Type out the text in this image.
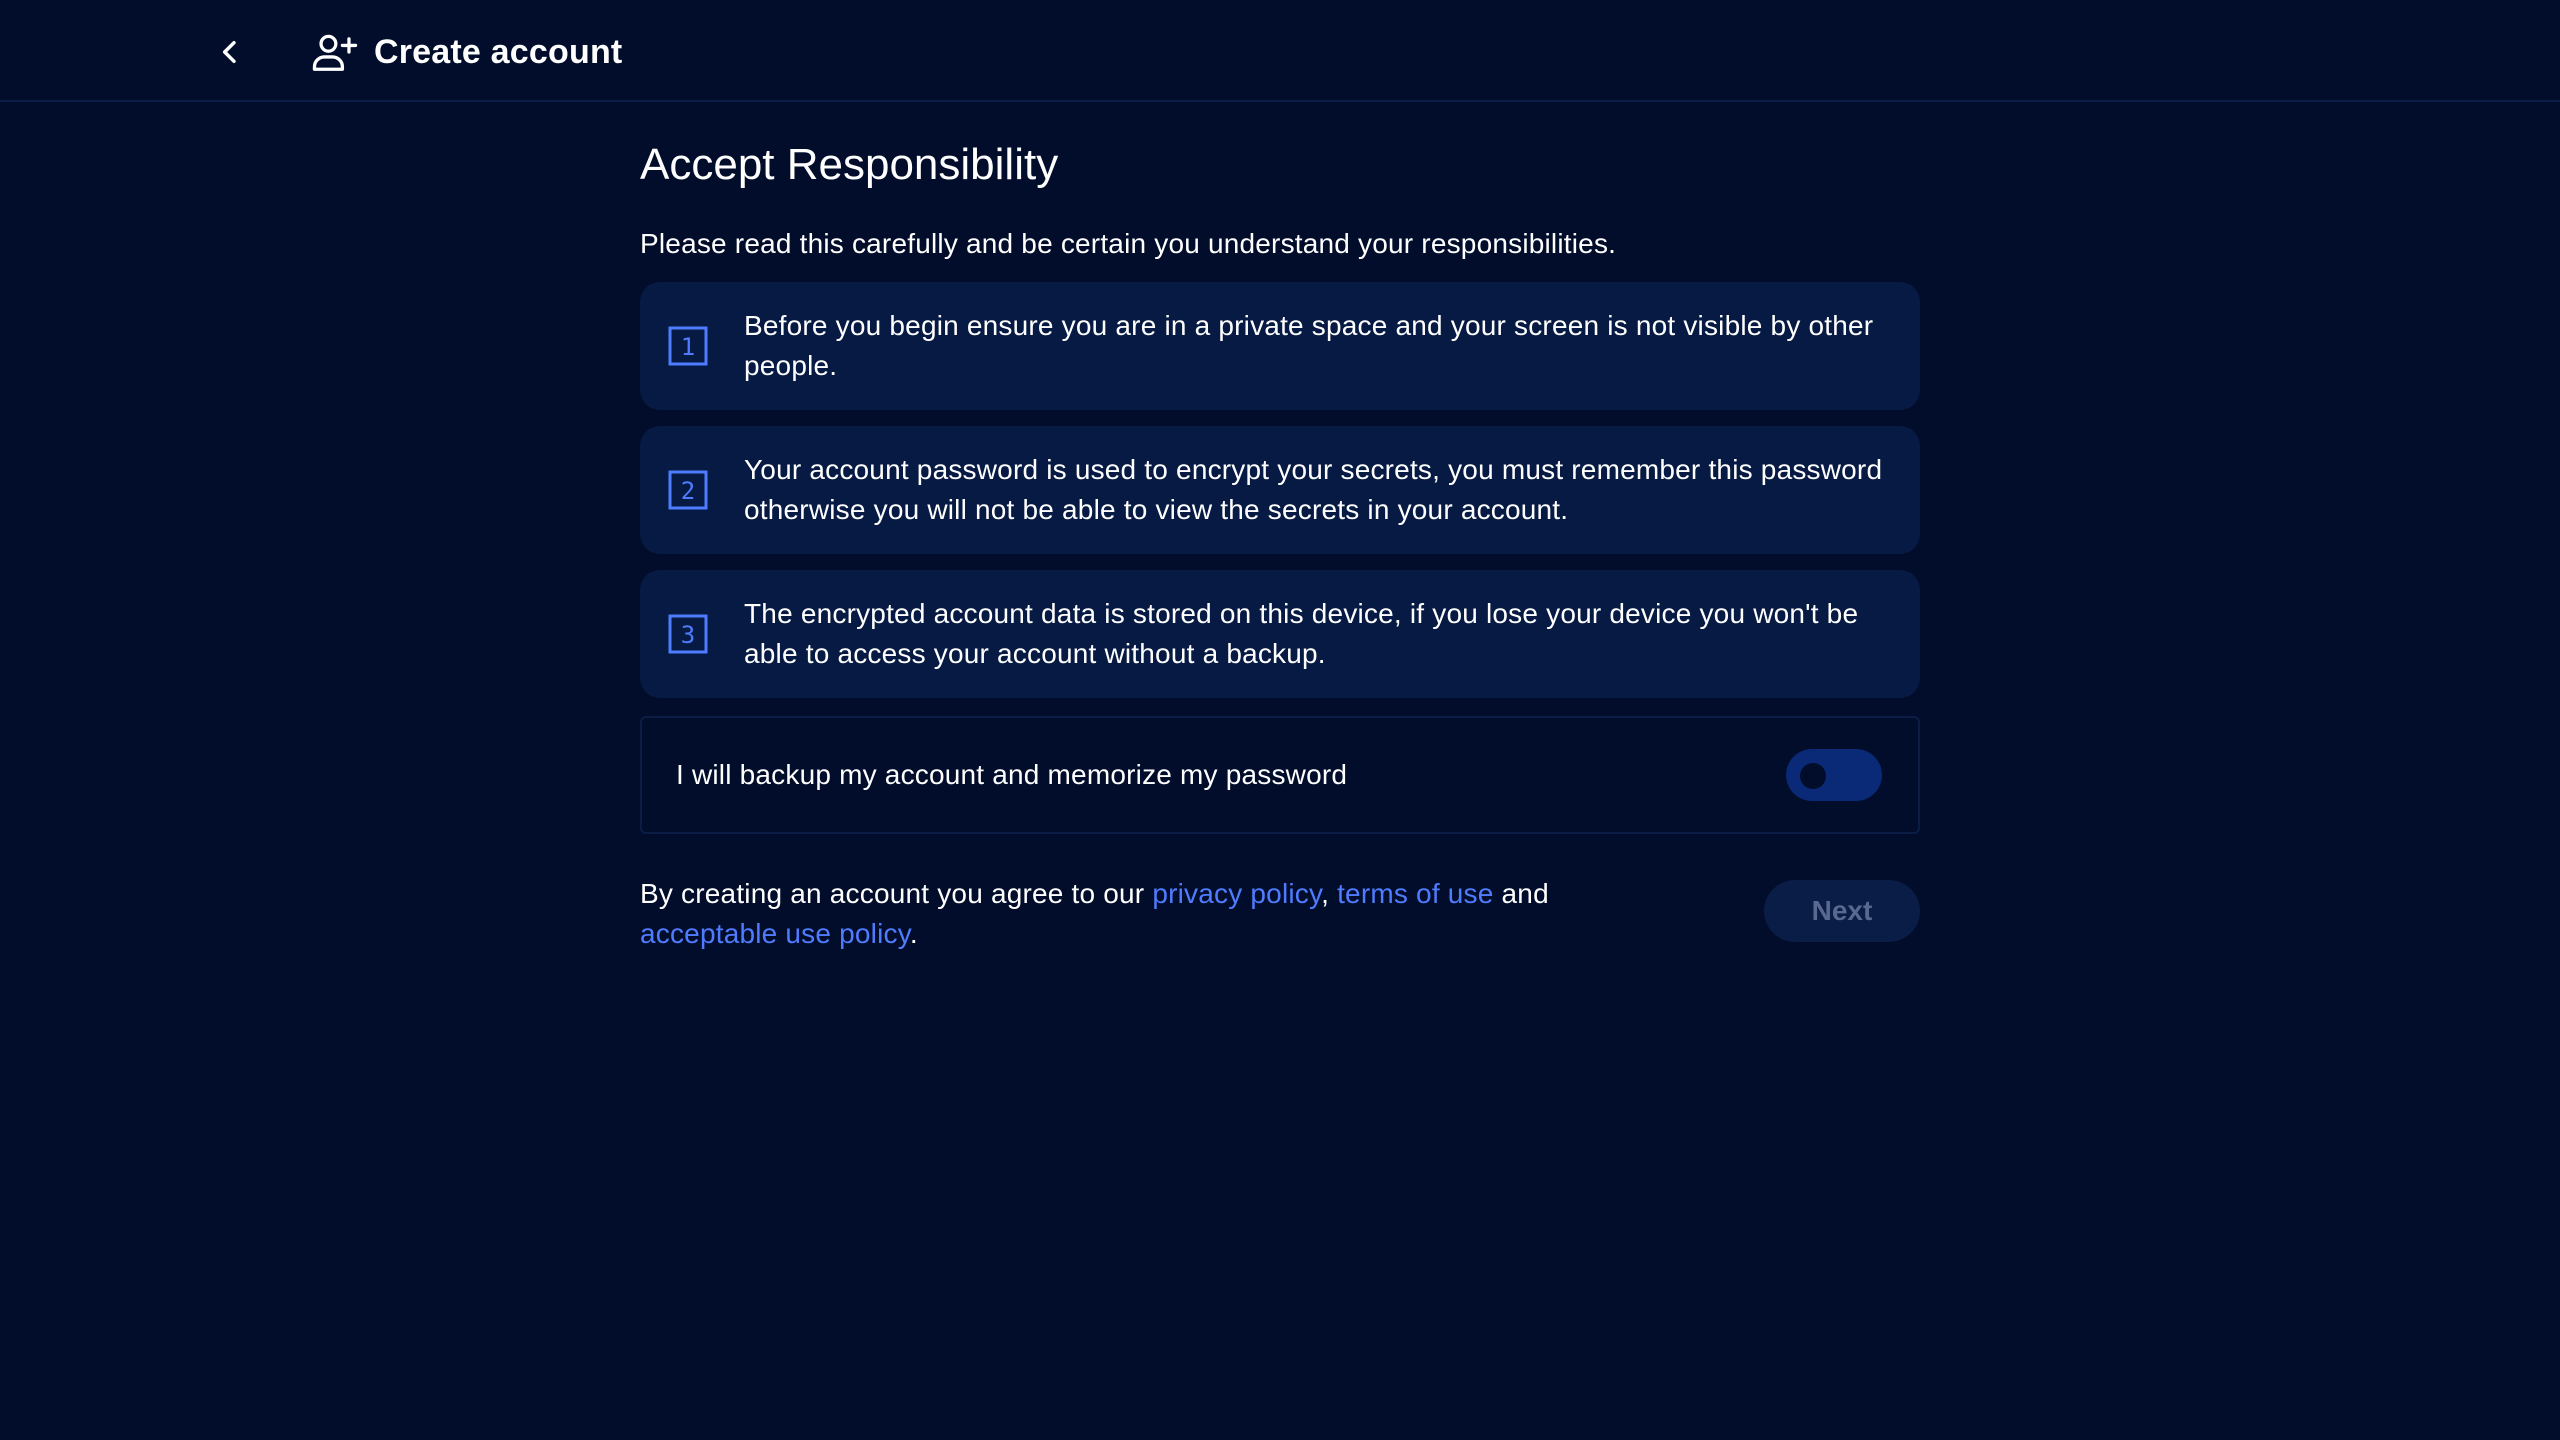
Create account
Accept Responsibility
Please read this carefully and be certain you understand your responsibilities.
1
Before you begin ensure you are in a private space and your screen is not visible by other people.
2
Your account password is used to encrypt your secrets, you must remember this password otherwise you will not be able to view the secrets in your account.
3
The encrypted account data is stored on this device, if you lose your device you won't be able to access your account without a backup.
I will backup my account and memorize my password
By creating an account you agree to our privacy policy, terms of use and
acceptable use policy.
Next
